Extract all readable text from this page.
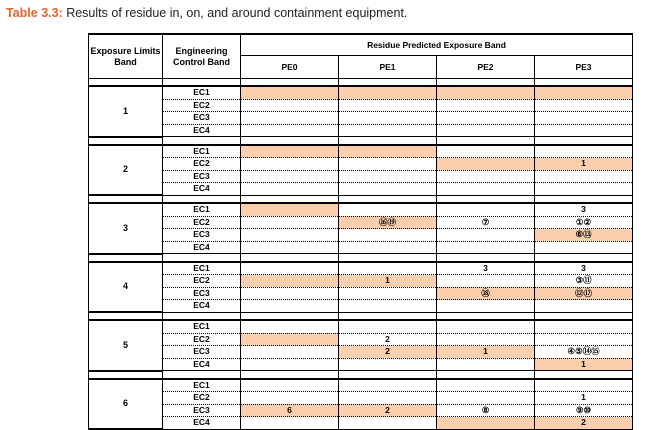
Table 3.3: Results of residue in, on, and around containment equipment.
Exposure Limits Band	Engineering Control Band	Residue Predicted Exposure Band			
		PE0	PE1	PE2	PE3

1	EC1				
	EC2				
	EC3				
	EC4				

2	EC1				
	EC2				1
	EC3				
	EC4				

3	EC1				3
	EC2		⑯⑲	⑦	①②
	EC3				⑥⑬
	EC4				

4	EC1			3	3
	EC2		1		③⑪
	EC3			⑱	⑫⑰
	EC4				

5	EC1				
	EC2		2		
	EC3		2	1	④⑤⑭⑮
	EC4				1

6	EC1				
	EC2				1
	EC3	6	2	⑧	⑨⑩
	EC4				2
